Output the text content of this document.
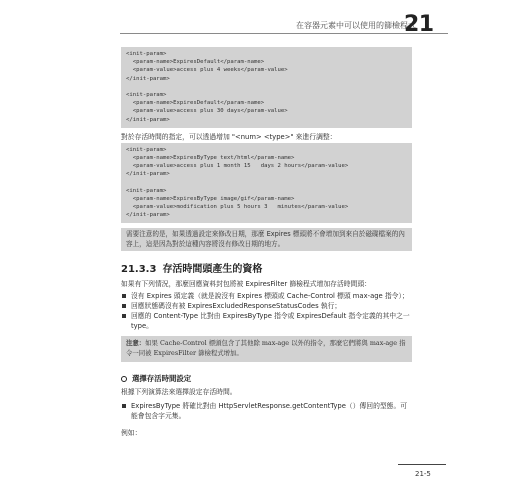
在容器元素中可以使用的篩檢程式
21
<init-param>
<param-name>ExpiresDefault</param-name>
<param-value>access plus 4 weeks</param-value>
</init-param>
<init-param>
<param-name>ExpiresDefault</param-name>
<param-value>access plus 30 days</param-value>
</init-param>

對於存活時間的指定，可以透過增加 "<num> <type>" 來進行調整：

<init-param>
<param-name>ExpiresByType text/html</param-name>
<param-value>access plus 1 month 15   days 2 hours</param-value>
</init-param>
<init-param>
<param-name>ExpiresByType image/gif</param-name>
<param-value>modification plus 5 hours 3   minutes</param-value>
</init-param>
需要注意的是，如果透過設定來修改日期，那麼 Expires 標頭將不會增加到來自於磁碟檔案的內容上，這是因為對於這種內容將沒有修改日期的地方。
21.3.3 存活時間頭產生的資格

如果有下列情況，那麼回應資料封包將被 ExpiresFilter 篩檢程式增加存活時間頭：

沒有 Expires 頭定義（就是說沒有 Expires 標頭或 Cache-Control 標頭 max-age 指令）；
回應狀態碼沒有被 ExpiresExcludedResponseStatusCodes 執行；
回應的 Content-Type 比對由 ExpiresByType 指令或 ExpiresDefault 指令定義的其中之一 type。
注意：如果 Cache-Control 標頭包含了其他除 max-age 以外的指令，那麼它們將與 max-age 指令一同被 ExpiresFilter 篩檢程式增加。
選擇存活時間設定

根據下列演算法來選擇設定存活時間。

ExpiresByType 將確比對由 HttpServletResponse.getContentType（）傳回的型態。可能會包含字元集。

例如：

21-5
